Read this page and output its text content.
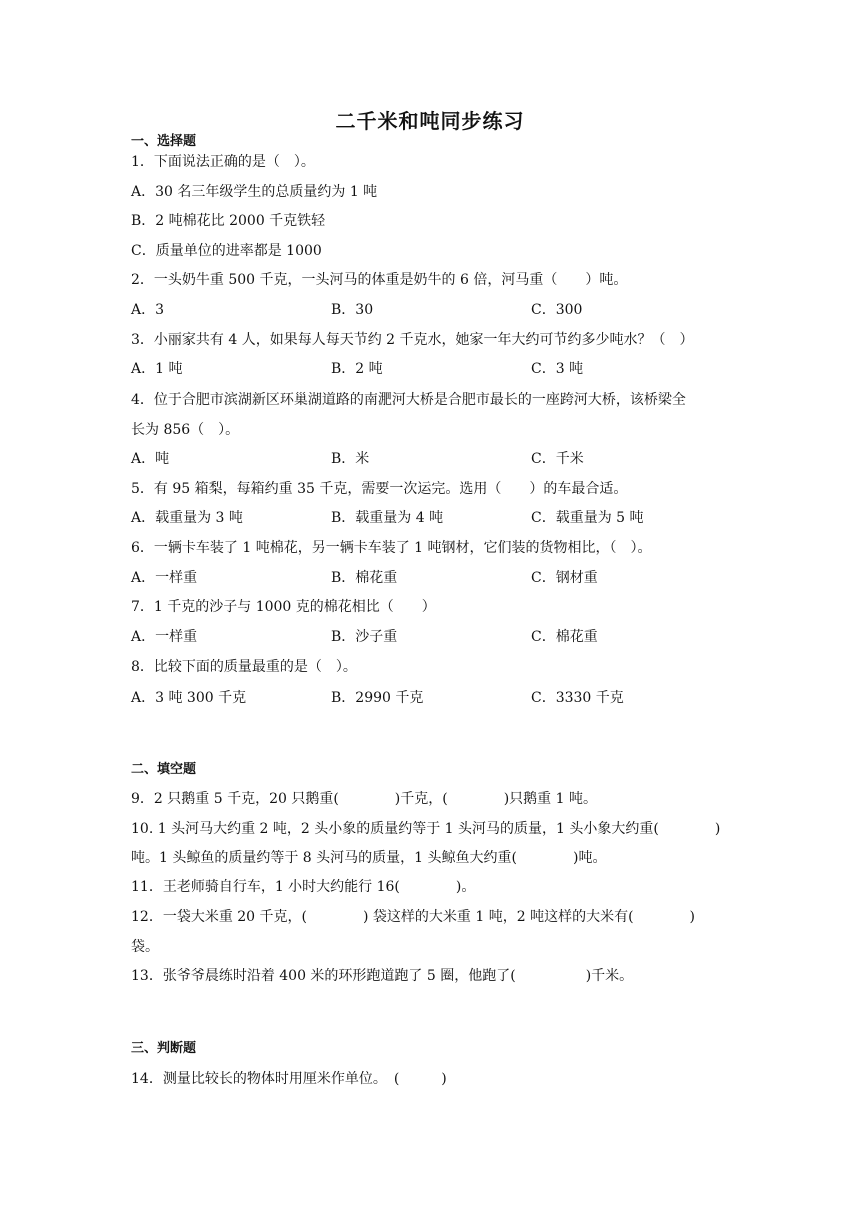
二千米和吨同步练习
一、选择题
1．下面说法正确的是（　）。
A．30 名三年级学生的总质量约为 1 吨
B．2 吨棉花比 2000 千克铁轻
C．质量单位的进率都是 1000
2．一头奶牛重 500 千克，一头河马的体重是奶牛的 6 倍，河马重（　　）吨。
A．3	B．30	C．300
3．小丽家共有 4 人，如果每人每天节约 2 千克水，她家一年大约可节约多少吨水？（　）
A．1 吨	B．2 吨	C．3 吨
4．位于合肥市滨湖新区环巢湖道路的南淝河大桥是合肥市最长的一座跨河大桥，该桥梁全
长为 856（　）。
A．吨	B．米	C．千米
5．有 95 箱梨，每箱约重 35 千克，需要一次运完。选用（　　）的车最合适。
A．载重量为 3 吨	B．载重量为 4 吨	C．载重量为 5 吨
6．一辆卡车装了 1 吨棉花，另一辆卡车装了 1 吨钢材，它们装的货物相比，（　）。
A．一样重	B．棉花重	C．钢材重
7．1 千克的沙子与 1000 克的棉花相比（　　）
A．一样重	B．沙子重	C．棉花重
8．比较下面的质量最重的是（　）。
A．3 吨 300 千克	B．2990 千克	C．3330 千克
二、填空题
9．2 只鹅重 5 千克，20 只鹅重(　　　　)千克，(　　　　)只鹅重 1 吨。
10. 1 头河马大约重 2 吨，2 头小象的质量约等于 1 头河马的质量，1 头小象大约重(　　　　)
吨。1 头鲸鱼的质量约等于 8 头河马的质量，1 头鲸鱼大约重(　　　　)吨。
11．王老师骑自行车，1 小时大约能行 16(　　　　)。
12．一袋大米重 20 千克，(　　　　) 袋这样的大米重 1 吨，2 吨这样的大米有(　　　　)
袋。
13．张爷爷晨练时沿着 400 米的环形跑道跑了 5 圈，他跑了(　　　　　)千米。
三、判断题
14．测量比较长的物体时用厘米作单位。　(　　　)
